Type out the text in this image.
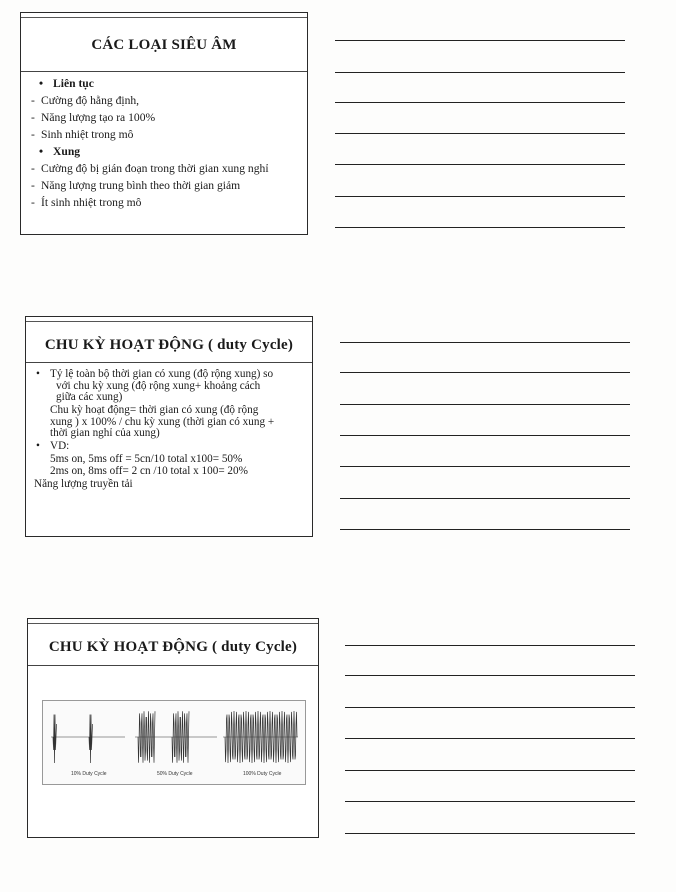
CÁC LOẠI SIÊU ÂM
• Liên tục
- Cường độ hằng định,
- Năng lượng tạo ra 100%
- Sinh nhiệt trong mô
• Xung
- Cường độ bị gián đoạn trong thời gian xung nghỉ
- Năng lượng trung bình theo thời gian giảm
- Ít sinh nhiệt trong mô
CHU KỲ HOẠT ĐỘNG ( duty Cycle)
• Tỷ lệ toàn bộ thời gian có xung (độ rộng xung) so
với chu kỳ xung (độ rộng xung+ khoảng cách
giữa các xung)
Chu kỳ hoạt động= thời gian có xung (độ rộng
xung ) x 100% / chu kỳ xung (thời gian có xung +
thời gian nghỉ của xung)
• VD:
5ms on, 5ms off = 5cn/10 total x100= 50%
2ms on, 8ms off= 2 cn /10 total x 100= 20%
Năng lượng truyền tải
CHU KỲ HOẠT ĐỘNG ( duty Cycle)
10% Duty Cycle	50% Duty Cycle	100% Duty Cycle
